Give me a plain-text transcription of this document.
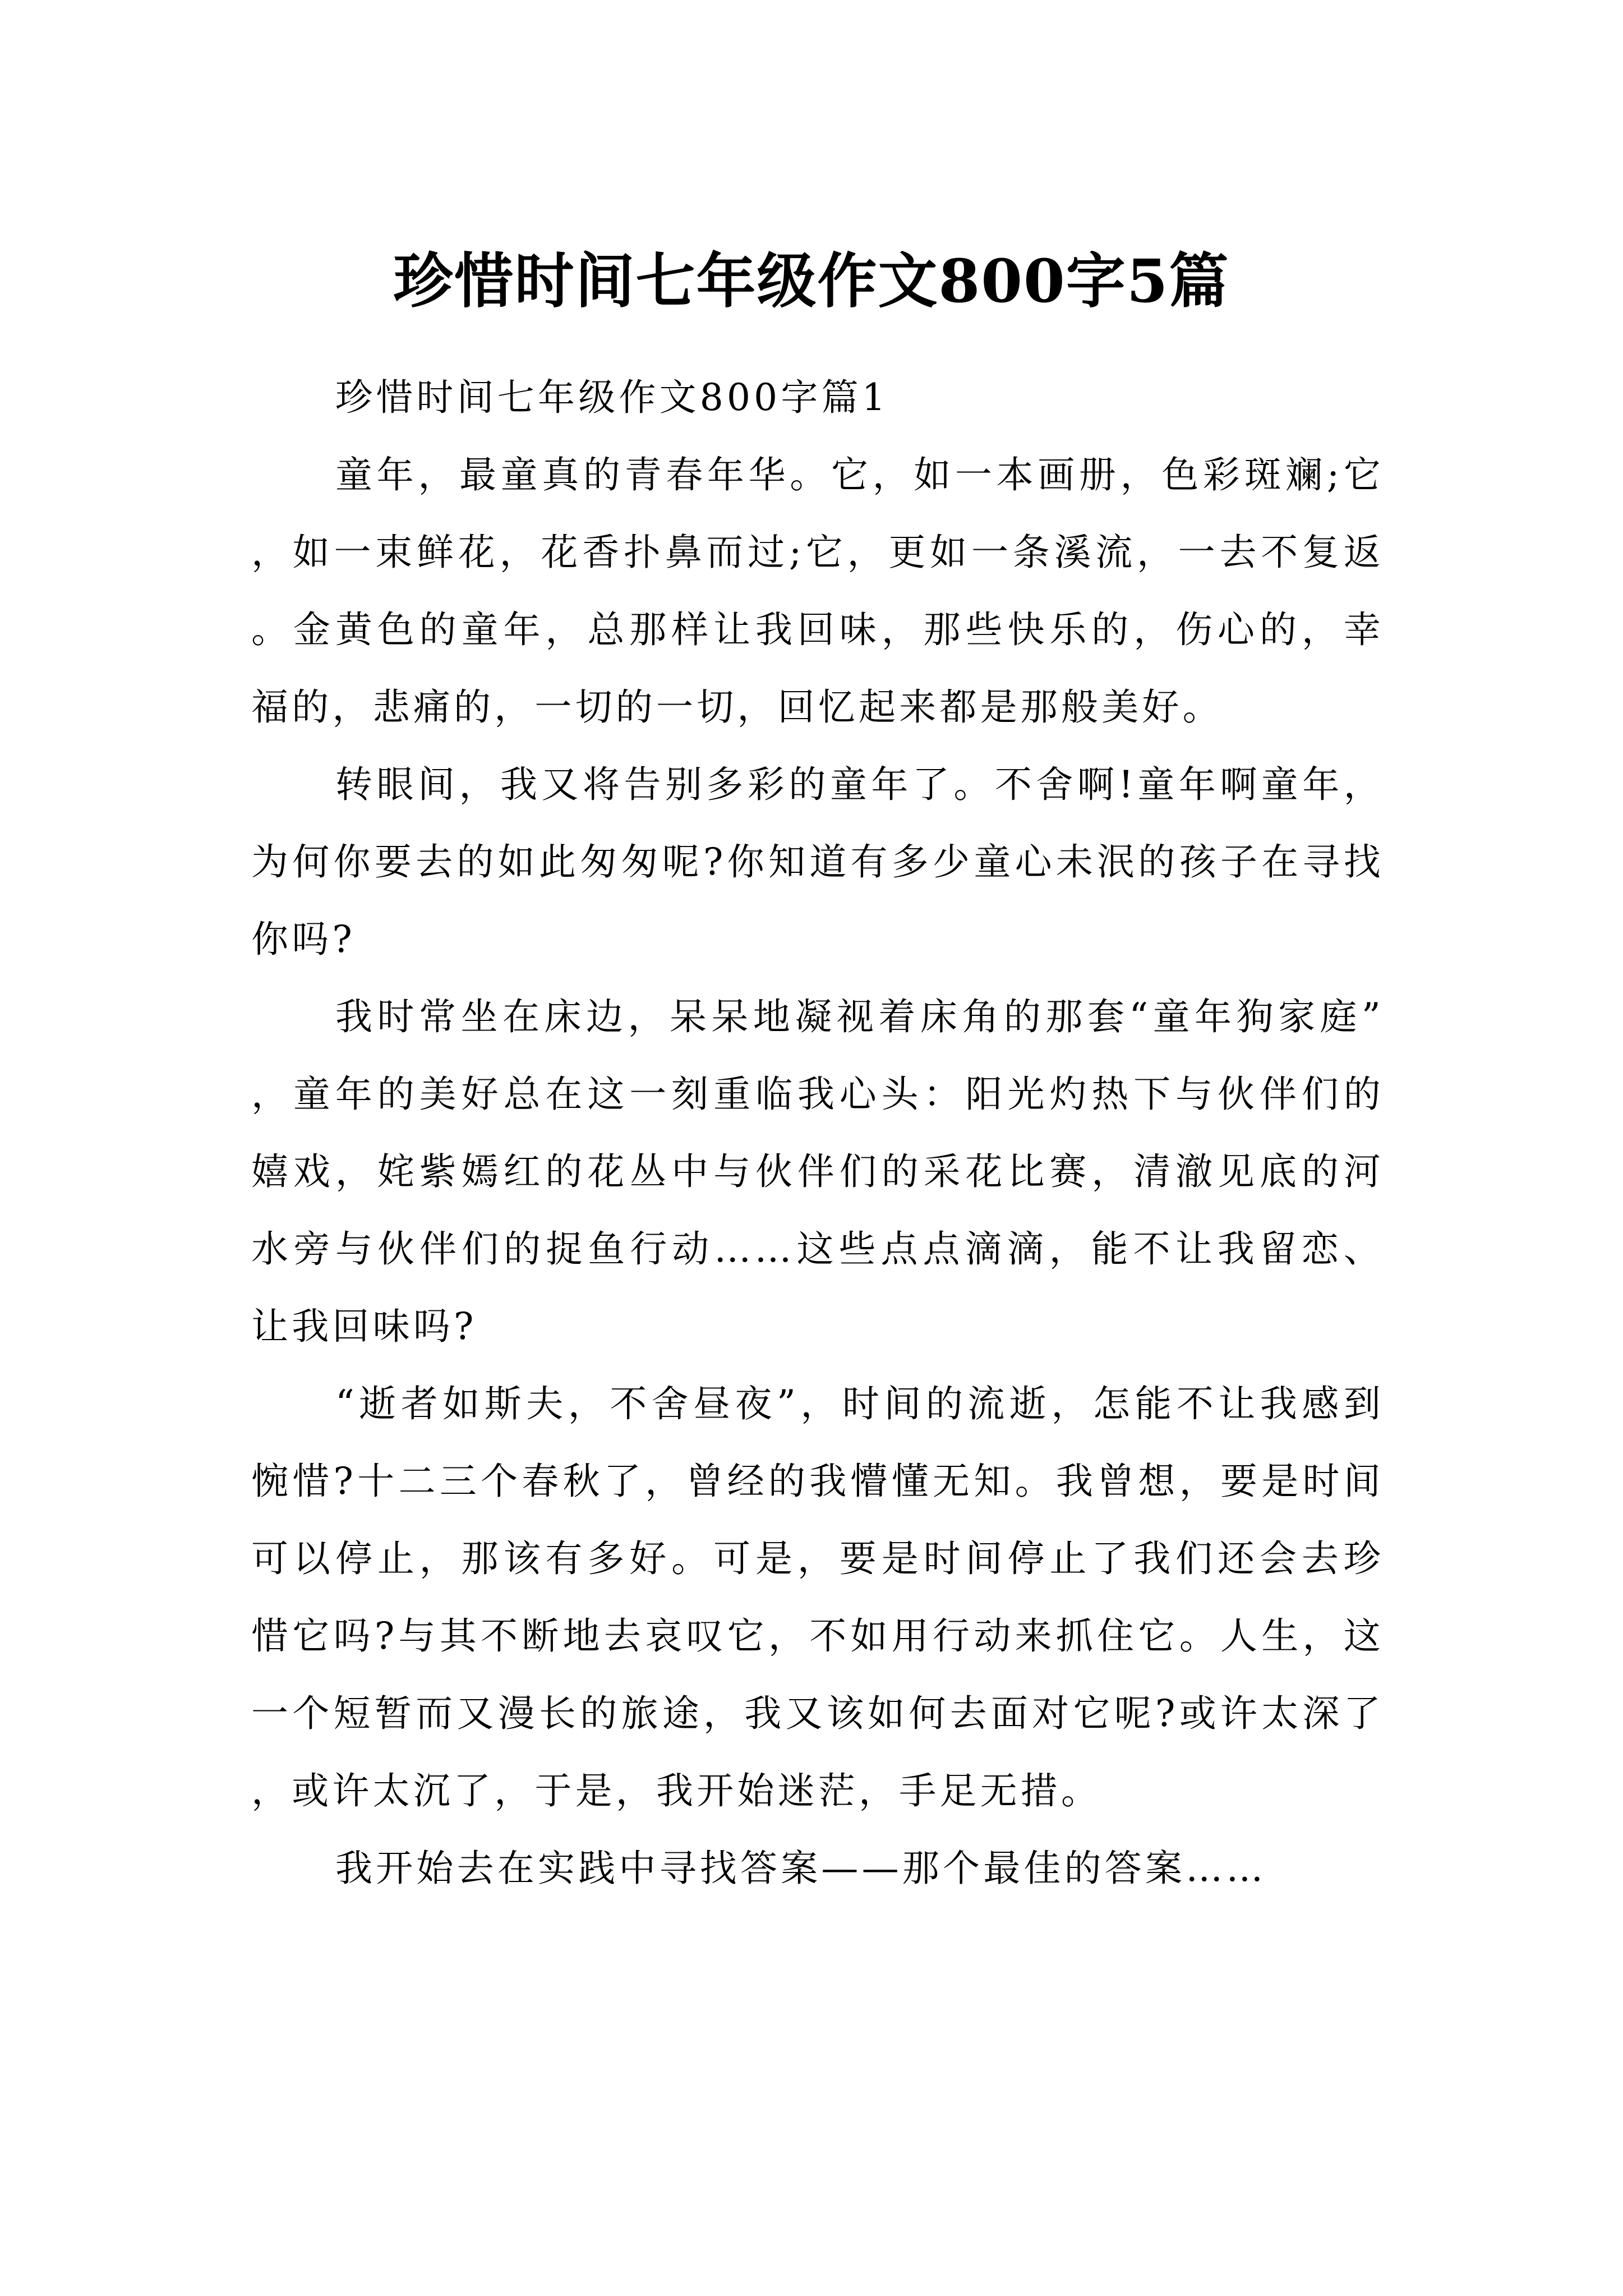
珍惜时间七年级作文800字5篇

珍惜时间七年级作文800字篇1

童年，最童真的青春年华。它，如一本画册，色彩斑斓;它，如一束鲜花，花香扑鼻而过;它，更如一条溪流，一去不复返。金黄色的童年，总那样让我回味，那些快乐的，伤心的，幸福的，悲痛的，一切的一切，回忆起来都是那般美好。

转眼间，我又将告别多彩的童年了。不舍啊!童年啊童年，为何你要去的如此匆匆呢?你知道有多少童心未泯的孩子在寻找你吗?

我时常坐在床边，呆呆地凝视着床角的那套“童年狗家庭”，童年的美好总在这一刻重临我心头：阳光灼热下与伙伴们的嬉戏，姹紫嫣红的花丛中与伙伴们的采花比赛，清澈见底的河水旁与伙伴们的捉鱼行动……这些点点滴滴，能不让我留恋、让我回味吗?

“逝者如斯夫，不舍昼夜”，时间的流逝，怎能不让我感到惋惜?十二三个春秋了，曾经的我懵懂无知。我曾想，要是时间可以停止，那该有多好。可是，要是时间停止了我们还会去珍惜它吗?与其不断地去哀叹它，不如用行动来抓住它。人生，这一个短暂而又漫长的旅途，我又该如何去面对它呢?或许太深了，或许太沉了，于是，我开始迷茫，手足无措。

我开始去在实践中寻找答案——那个最佳的答案……
